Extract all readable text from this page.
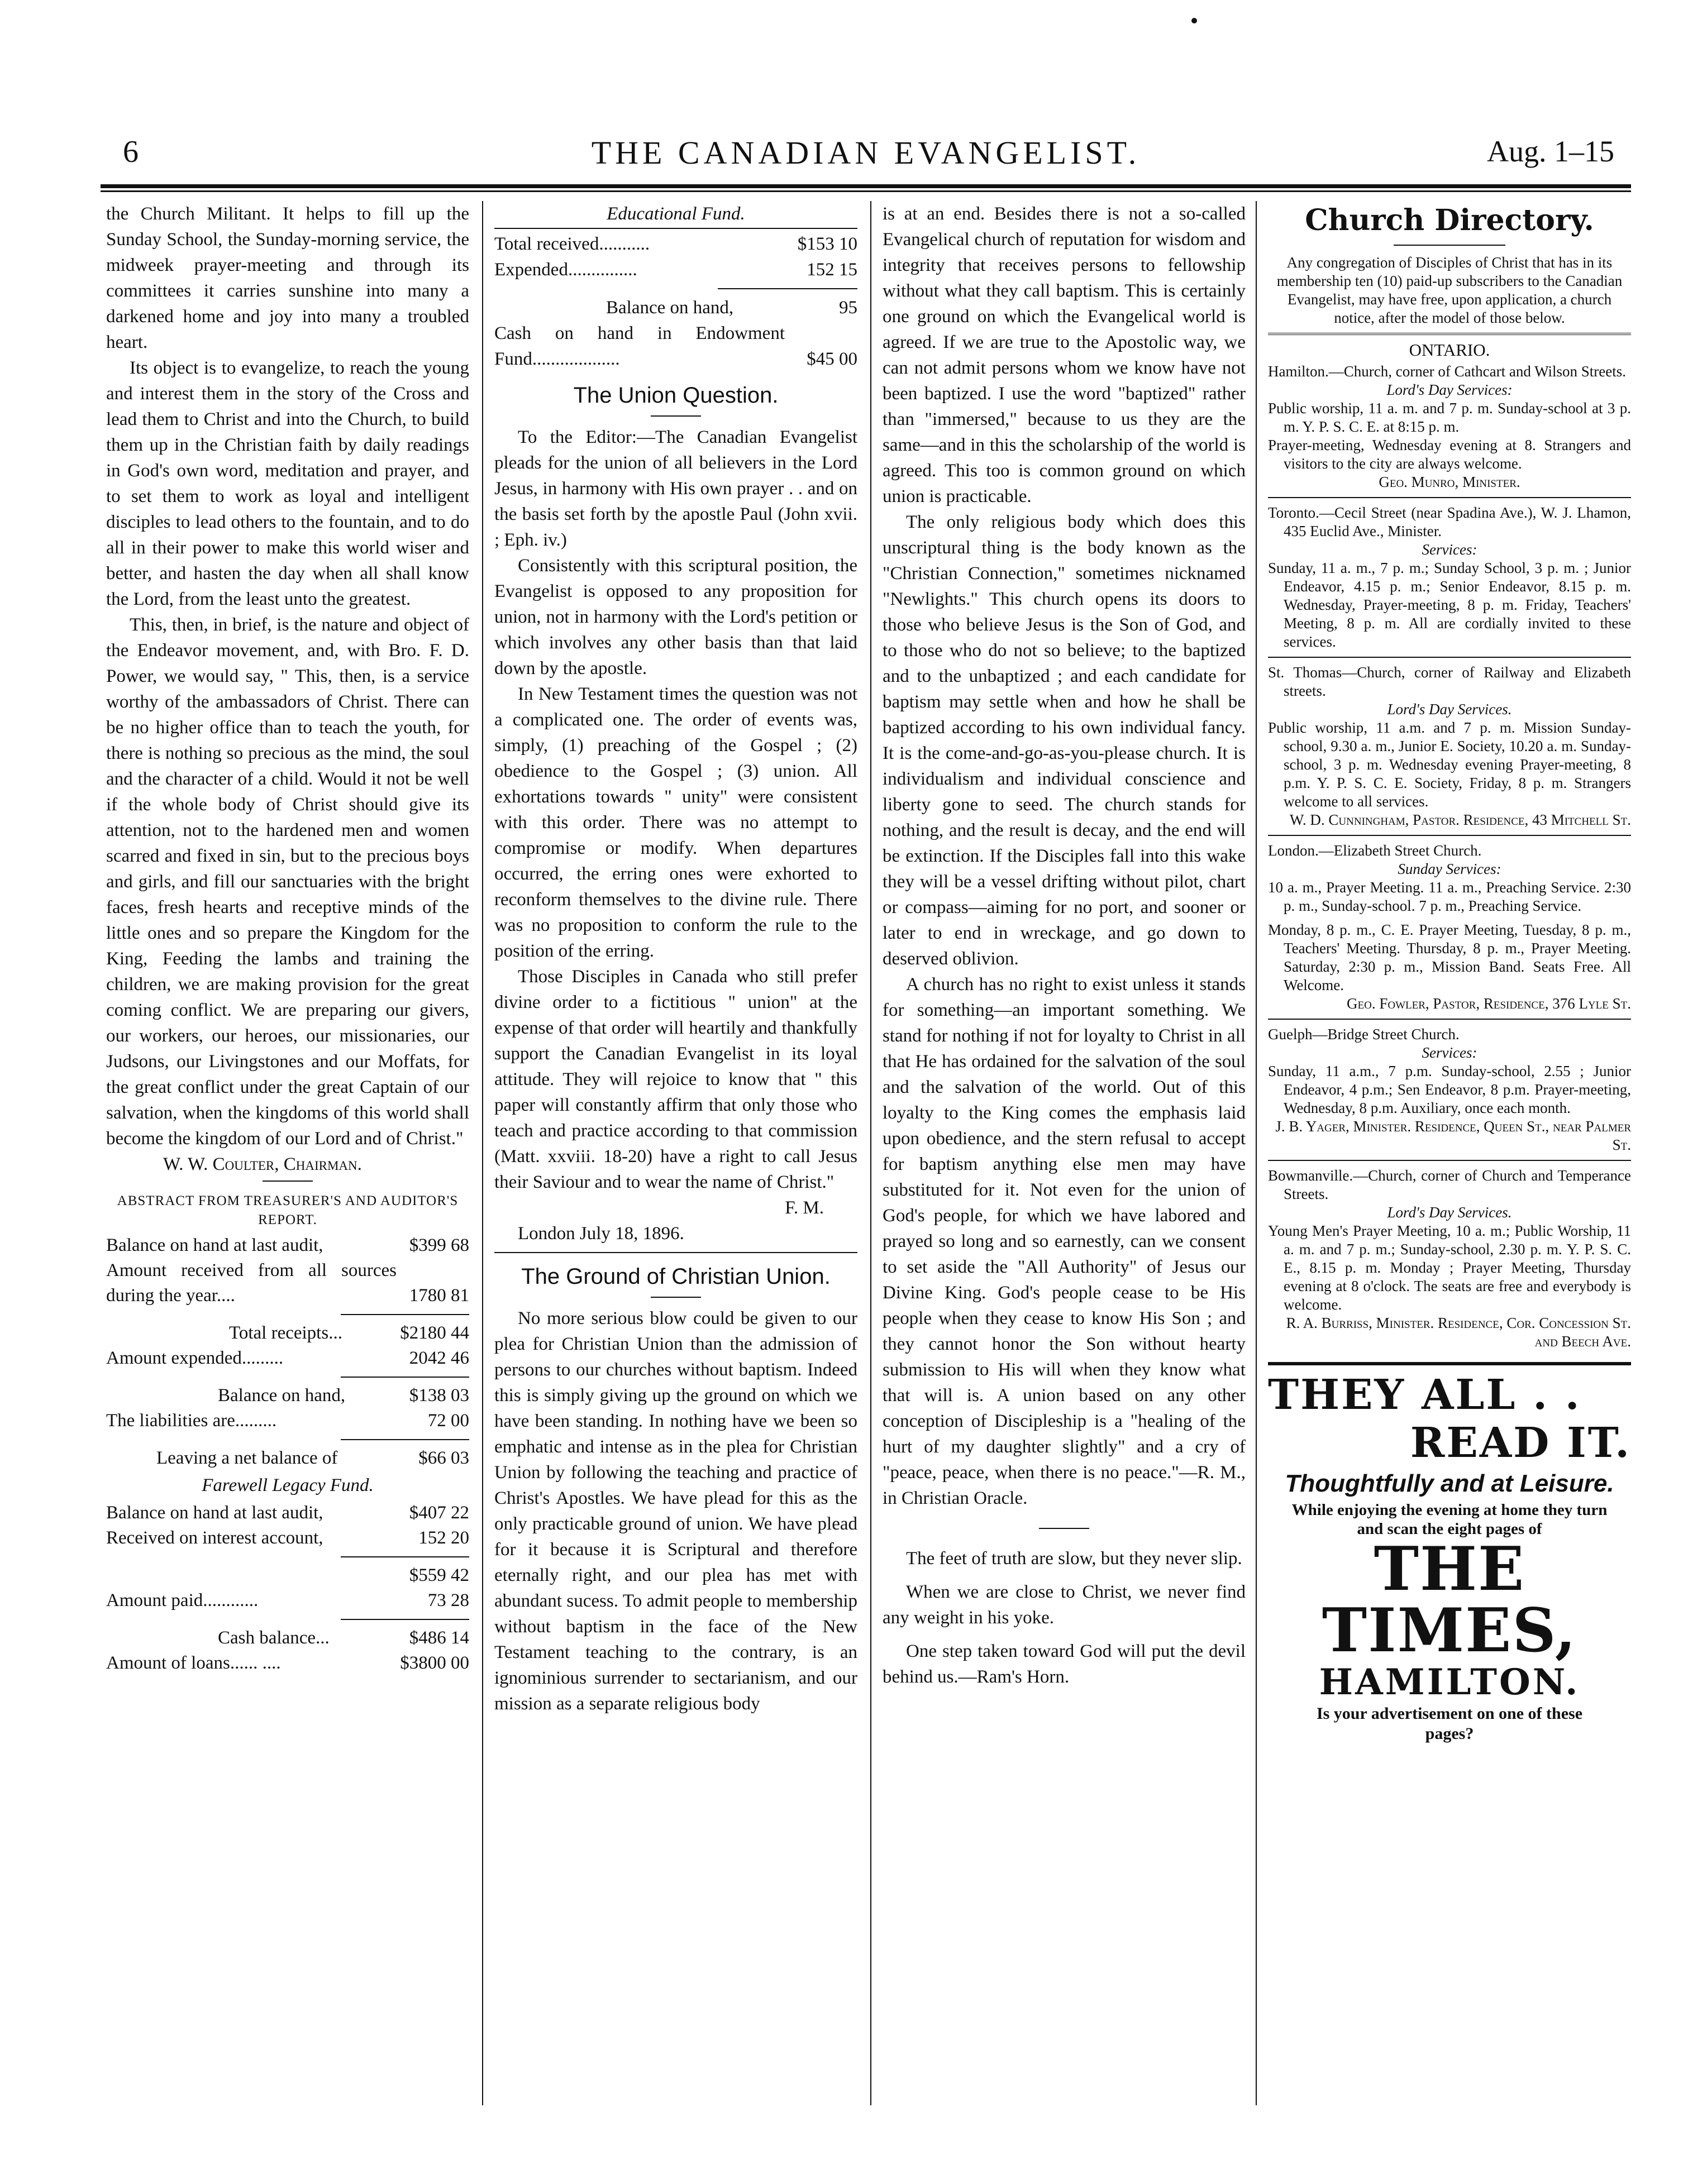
6	THE CANADIAN EVANGELIST.	Aug. 1–15

the Church Militant. It helps to fill up the Sunday School, the Sunday-morning service, the midweek prayer-meeting and through its committees it carries sunshine into many a darkened home and joy into many a troubled heart.

Its object is to evangelize, to reach the young and interest them in the story of the Cross and lead them to Christ and into the Church, to build them up in the Christian faith by daily readings in God's own word, meditation and prayer, and to set them to work as loyal and intelligent disciples to lead others to the fountain, and to do all in their power to make this world wiser and better, and hasten the day when all shall know the Lord, from the least unto the greatest.

This, then, in brief, is the nature and object of the Endeavor movement, and, with Bro. F. D. Power, we would say, " This, then, is a service worthy of the ambassadors of Christ. There can be no higher office than to teach the youth, for there is nothing so precious as the mind, the soul and the character of a child. Would it not be well if the whole body of Christ should give its attention, not to the hardened men and women scarred and fixed in sin, but to the precious boys and girls, and fill our sanctuaries with the bright faces, fresh hearts and receptive minds of the little ones and so prepare the Kingdom for the King, Feeding the lambs and training the children, we are making provision for the great coming conflict. We are preparing our givers, our workers, our heroes, our missionaries, our Judsons, our Livingstones and our Moffats, for the great conflict under the great Captain of our salvation, when the kingdoms of this world shall become the kingdom of our Lord and of Christ."

W. W. Coulter, Chairman.

ABSTRACT FROM TREASURER'S AND AUDITOR'S REPORT.

Balance on hand at last audit,	$399 68
Amount received from all sources during the year....	1780 81
Total receipts...	$2180 44
Amount expended.........	2042 46
Balance on hand,	$138 03
The liabilities are.........	72 00
Leaving a net balance of	$66 03

Farewell Legacy Fund.

Balance on hand at last audit,	$407 22
Received on interest account,	152 20
$559 42
Amount paid............	73 28
Cash balance...	$486 14
Amount of loans...... ....	$3800 00

Educational Fund.

Total received...........	$153 10
Expended...............	152 15
Balance on hand,	95
Cash on hand in Endowment Fund...................	$45 00

The Union Question.

To the Editor:—The Canadian Evangelist pleads for the union of all believers in the Lord Jesus, in harmony with His own prayer . . and on the basis set forth by the apostle Paul (John xvii. ; Eph. iv.)

Consistently with this scriptural position, the Evangelist is opposed to any proposition for union, not in harmony with the Lord's petition or which involves any other basis than that laid down by the apostle.

In New Testament times the question was not a complicated one. The order of events was, simply, (1) preaching of the Gospel ; (2) obedience to the Gospel ; (3) union. All exhortations towards " unity" were consistent with this order. There was no attempt to compromise or modify. When departures occurred, the erring ones were exhorted to reconform themselves to the divine rule. There was no proposition to conform the rule to the position of the erring.

Those Disciples in Canada who still prefer divine order to a fictitious " union" at the expense of that order will heartily and thankfully support the Canadian Evangelist in its loyal attitude. They will rejoice to know that " this paper will constantly affirm that only those who teach and practice according to that commission (Matt. xxviii. 18-20) have a right to call Jesus their Saviour and to wear the name of Christ."

F. M.

London July 18, 1896.

The Ground of Christian Union.

No more serious blow could be given to our plea for Christian Union than the admission of persons to our churches without baptism. Indeed this is simply giving up the ground on which we have been standing. In nothing have we been so emphatic and intense as in the plea for Christian Union by following the teaching and practice of Christ's Apostles. We have plead for this as the only practicable ground of union. We have plead for it because it is Scriptural and therefore eternally right, and our plea has met with abundant sucess. To admit people to membership without baptism in the face of the New Testament teaching to the contrary, is an ignominious surrender to sectarianism, and our mission as a separate religious body

is at an end. Besides there is not a so-called Evangelical church of reputation for wisdom and integrity that receives persons to fellowship without what they call baptism. This is certainly one ground on which the Evangelical world is agreed. If we are true to the Apostolic way, we can not admit persons whom we know have not been baptized. I use the word "baptized" rather than "immersed," because to us they are the same—and in this the scholarship of the world is agreed. This too is common ground on which union is practicable.

The only religious body which does this unscriptural thing is the body known as the "Christian Connection," sometimes nicknamed "Newlights." This church opens its doors to those who believe Jesus is the Son of God, and to those who do not so believe; to the baptized and to the unbaptized ; and each candidate for baptism may settle when and how he shall be baptized according to his own individual fancy. It is the come-and-go-as-you-please church. It is individualism and individual conscience and liberty gone to seed. The church stands for nothing, and the result is decay, and the end will be extinction. If the Disciples fall into this wake they will be a vessel drifting without pilot, chart or compass—aiming for no port, and sooner or later to end in wreckage, and go down to deserved oblivion.

A church has no right to exist unless it stands for something—an important something. We stand for nothing if not for loyalty to Christ in all that He has ordained for the salvation of the soul and the salvation of the world. Out of this loyalty to the King comes the emphasis laid upon obedience, and the stern refusal to accept for baptism anything else men may have substituted for it. Not even for the union of God's people, for which we have labored and prayed so long and so earnestly, can we consent to set aside the "All Authority" of Jesus our Divine King. God's people cease to be His people when they cease to know His Son ; and they cannot honor the Son without hearty submission to His will when they know what that will is. A union based on any other conception of Discipleship is a "healing of the hurt of my daughter slightly" and a cry of "peace, peace, when there is no peace."—R. M., in Christian Oracle.

The feet of truth are slow, but they never slip.

When we are close to Christ, we never find any weight in his yoke.

One step taken toward God will put the devil behind us.—Ram's Horn.

Church Directory.

Any congregation of Disciples of Christ that has in its membership ten (10) paid-up subscribers to the Canadian Evangelist, may have free, upon application, a church notice, after the model of those below.

ONTARIO.

Hamilton.—Church, corner of Cathcart and Wilson Streets.

Lord's Day Services:

Public worship, 11 a. m. and 7 p. m. Sunday-school at 3 p. m. Y. P. S. C. E. at 8:15 p. m.

Prayer-meeting, Wednesday evening at 8. Strangers and visitors to the city are always welcome.

Geo. Munro, Minister.

Toronto.—Cecil Street (near Spadina Ave.), W. J. Lhamon, 435 Euclid Ave., Minister.

Services:

Sunday, 11 a. m., 7 p. m.; Sunday School, 3 p. m. ; Junior Endeavor, 4.15 p. m.; Senior Endeavor, 8.15 p. m. Wednesday, Prayer-meeting, 8 p. m. Friday, Teachers' Meeting, 8 p. m. All are cordially invited to these services.

St. Thomas—Church, corner of Railway and Elizabeth streets.

Lord's Day Services.

Public worship, 11 a.m. and 7 p. m. Mission Sunday-school, 9.30 a. m., Junior E. Society, 10.20 a. m. Sunday-school, 3 p. m. Wednesday evening Prayer-meeting, 8 p.m. Y. P. S. C. E. Society, Friday, 8 p. m. Strangers welcome to all services.

W. D. Cunningham, Pastor. Residence, 43 Mitchell St.

London.—Elizabeth Street Church.

Sunday Services:

10 a. m., Prayer Meeting. 11 a. m., Preaching Service. 2:30 p. m., Sunday-school. 7 p. m., Preaching Service.

Monday, 8 p. m., C. E. Prayer Meeting, Tuesday, 8 p. m., Teachers' Meeting. Thursday, 8 p. m., Prayer Meeting. Saturday, 2:30 p. m., Mission Band. Seats Free. All Welcome.

Geo. Fowler, Pastor, Residence, 376 Lyle St.

Guelph—Bridge Street Church.

Services:

Sunday, 11 a.m., 7 p.m. Sunday-school, 2.55 ; Junior Endeavor, 4 p.m.; Sen Endeavor, 8 p.m. Prayer-meeting, Wednesday, 8 p.m. Auxiliary, once each month.

J. B. Yager, Minister. Residence, Queen St., near Palmer St.

Bowmanville.—Church, corner of Church and Temperance Streets.

Lord's Day Services.

Young Men's Prayer Meeting, 10 a. m.; Public Worship, 11 a. m. and 7 p. m.; Sunday-school, 2.30 p. m. Y. P. S. C. E., 8.15 p. m. Monday ; Prayer Meeting, Thursday evening at 8 o'clock. The seats are free and everybody is welcome.

R. A. Burriss, Minister. Residence, Cor. Concession St. and Beech Ave.

THEY ALL . .
READ IT.
Thoughtfully and at Leisure.

While enjoying the evening at home they turn and scan the eight pages of

THE TIMES,
HAMILTON.

Is your advertisement on one of these pages?
